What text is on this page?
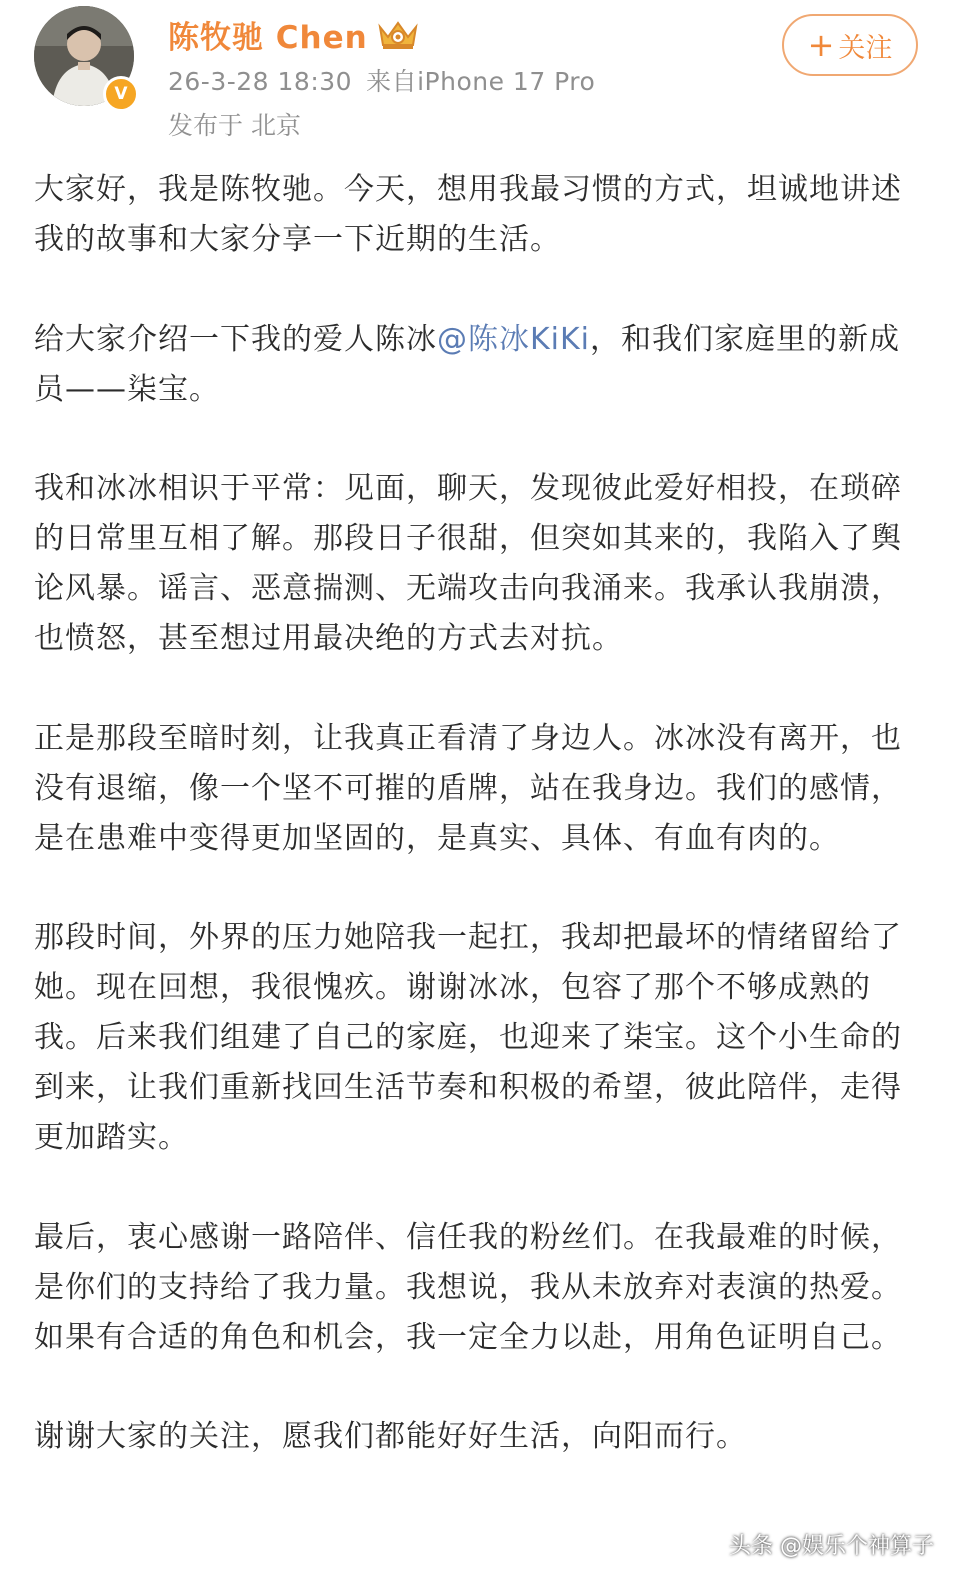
V
陈牧驰 Chen
26-3-28 18:30 来自iPhone 17 Pro
发布于 北京
+ 关注

大家好，我是陈牧驰。今天，想用我最习惯的方式，坦诚地讲述我的故事和大家分享一下近期的生活。

给大家介绍一下我的爱人陈冰@陈冰KiKi，和我们家庭里的新成员——柒宝。

我和冰冰相识于平常：见面，聊天，发现彼此爱好相投，在琐碎的日常里互相了解。那段日子很甜，但突如其来的，我陷入了舆论风暴。谣言、恶意揣测、无端攻击向我涌来。我承认我崩溃，也愤怒，甚至想过用最决绝的方式去对抗。

正是那段至暗时刻，让我真正看清了身边人。冰冰没有离开，也没有退缩，像一个坚不可摧的盾牌，站在我身边。我们的感情，是在患难中变得更加坚固的，是真实、具体、有血有肉的。

那段时间，外界的压力她陪我一起扛，我却把最坏的情绪留给了她。现在回想，我很愧疚。谢谢冰冰，包容了那个不够成熟的我。后来我们组建了自己的家庭，也迎来了柒宝。这个小生命的到来，让我们重新找回生活节奏和积极的希望，彼此陪伴，走得更加踏实。

最后，衷心感谢一路陪伴、信任我的粉丝们。在我最难的时候，是你们的支持给了我力量。我想说，我从未放弃对表演的热爱。如果有合适的角色和机会，我一定全力以赴，用角色证明自己。

谢谢大家的关注，愿我们都能好好生活，向阳而行。

头条 @娱乐个神算子
